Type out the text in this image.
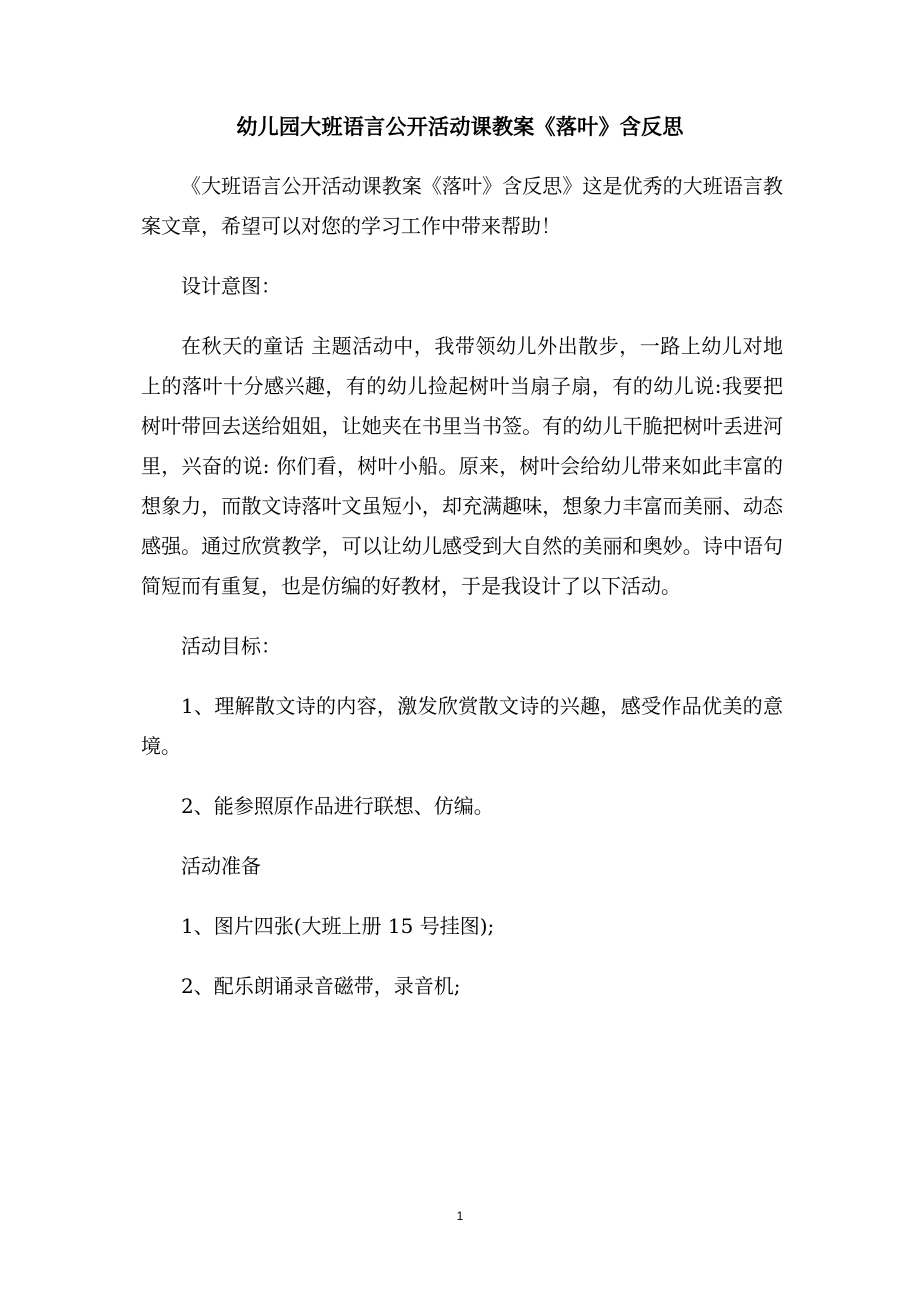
幼儿园大班语言公开活动课教案《落叶》含反思

《大班语言公开活动课教案《落叶》含反思》这是优秀的大班语言教案文章，希望可以对您的学习工作中带来帮助！

设计意图：

在秋天的童话 主题活动中，我带领幼儿外出散步，一路上幼儿对地上的落叶十分感兴趣，有的幼儿捡起树叶当扇子扇，有的幼儿说:我要把树叶带回去送给姐姐，让她夹在书里当书签。有的幼儿干脆把树叶丢进河里，兴奋的说: 你们看，树叶小船。原来，树叶会给幼儿带来如此丰富的想象力，而散文诗落叶文虽短小，却充满趣味，想象力丰富而美丽、动态感强。通过欣赏教学，可以让幼儿感受到大自然的美丽和奥妙。诗中语句简短而有重复，也是仿编的好教材，于是我设计了以下活动。

活动目标：

1、理解散文诗的内容，激发欣赏散文诗的兴趣，感受作品优美的意境。

2、能参照原作品进行联想、仿编。

活动准备

1、图片四张(大班上册 15 号挂图);

2、配乐朗诵录音磁带，录音机;

1
